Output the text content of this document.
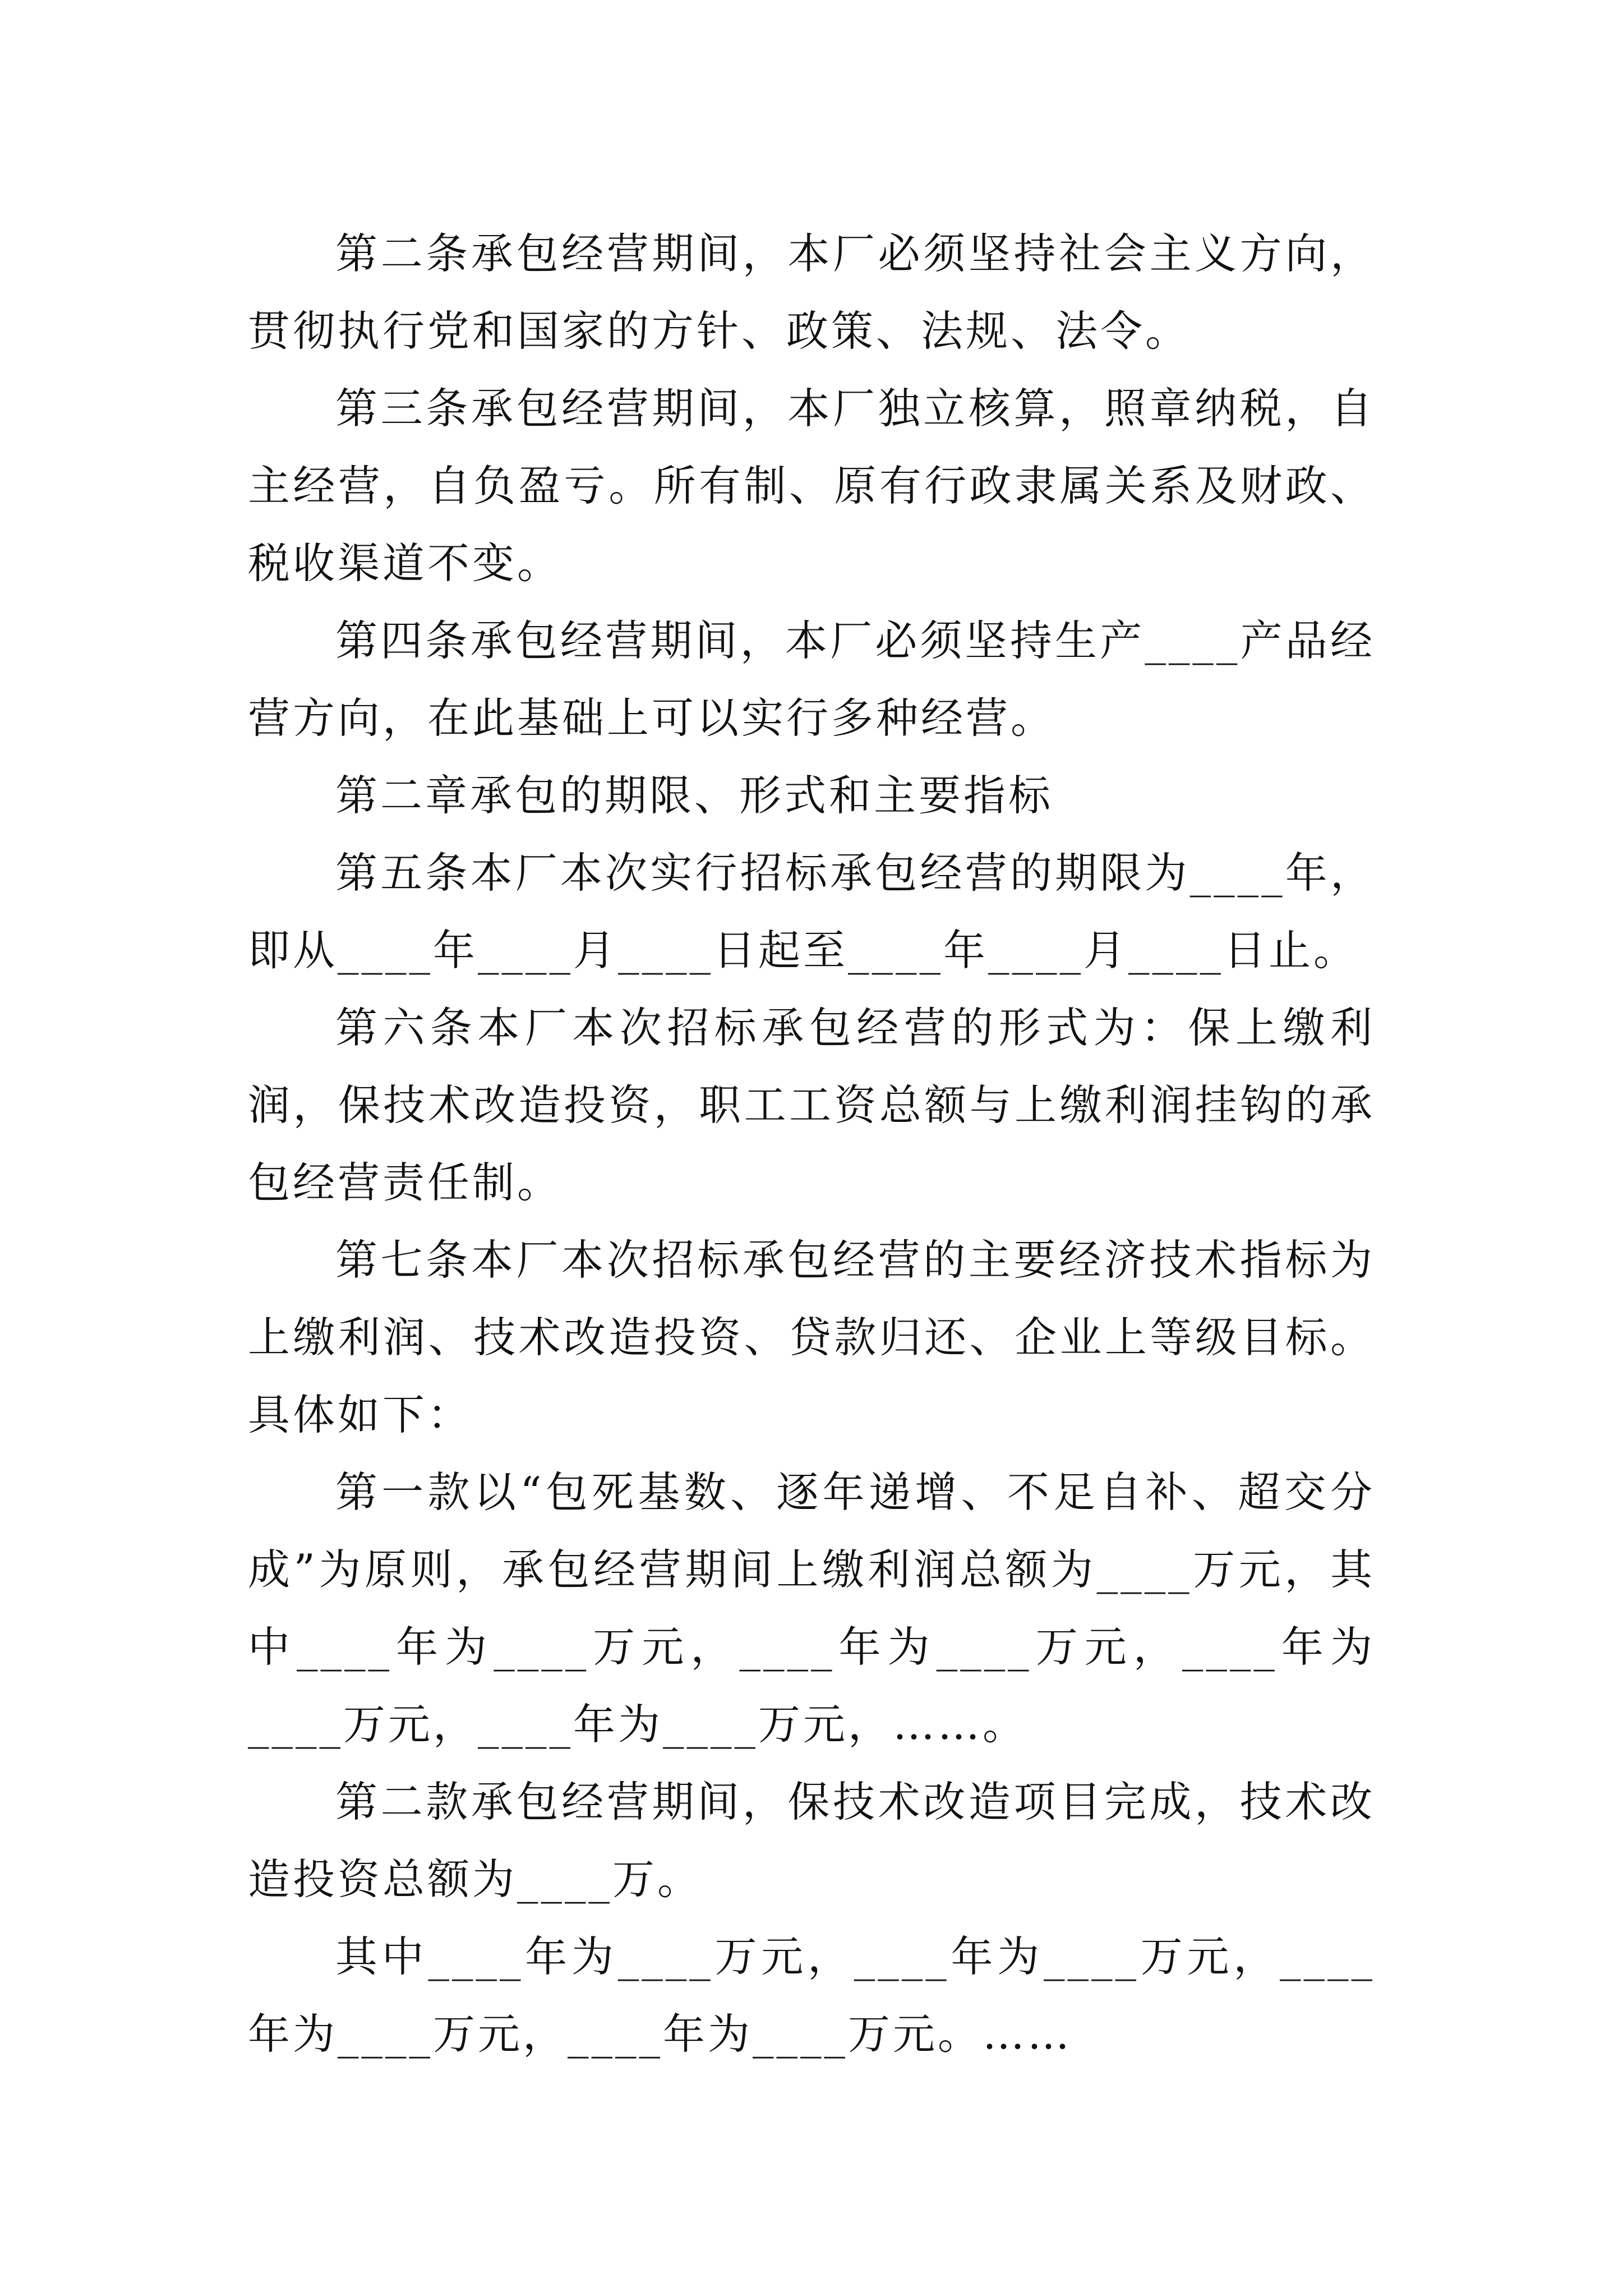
第二条承包经营期间，本厂必须坚持社会主义方向，贯彻执行党和国家的方针、政策、法规、法令。

第三条承包经营期间，本厂独立核算，照章纳税，自主经营，自负盈亏。所有制、原有行政隶属关系及财政、税收渠道不变。

第四条承包经营期间，本厂必须坚持生产____产品经营方向，在此基础上可以实行多种经营。

第二章承包的期限、形式和主要指标

第五条本厂本次实行招标承包经营的期限为____年，即从____年____月____日起至____年____月____日止。

第六条本厂本次招标承包经营的形式为：保上缴利润，保技术改造投资，职工工资总额与上缴利润挂钩的承包经营责任制。

第七条本厂本次招标承包经营的主要经济技术指标为上缴利润、技术改造投资、贷款归还、企业上等级目标。具体如下：

第一款以“包死基数、逐年递增、不足自补、超交分成”为原则，承包经营期间上缴利润总额为____万元，其中____年为____万元，____年为____万元，____年为____万元，____年为____万元，……。

第二款承包经营期间，保技术改造项目完成，技术改造投资总额为____万。

其中____年为____万元，____年为____万元，____年为____万元，____年为____万元。……
